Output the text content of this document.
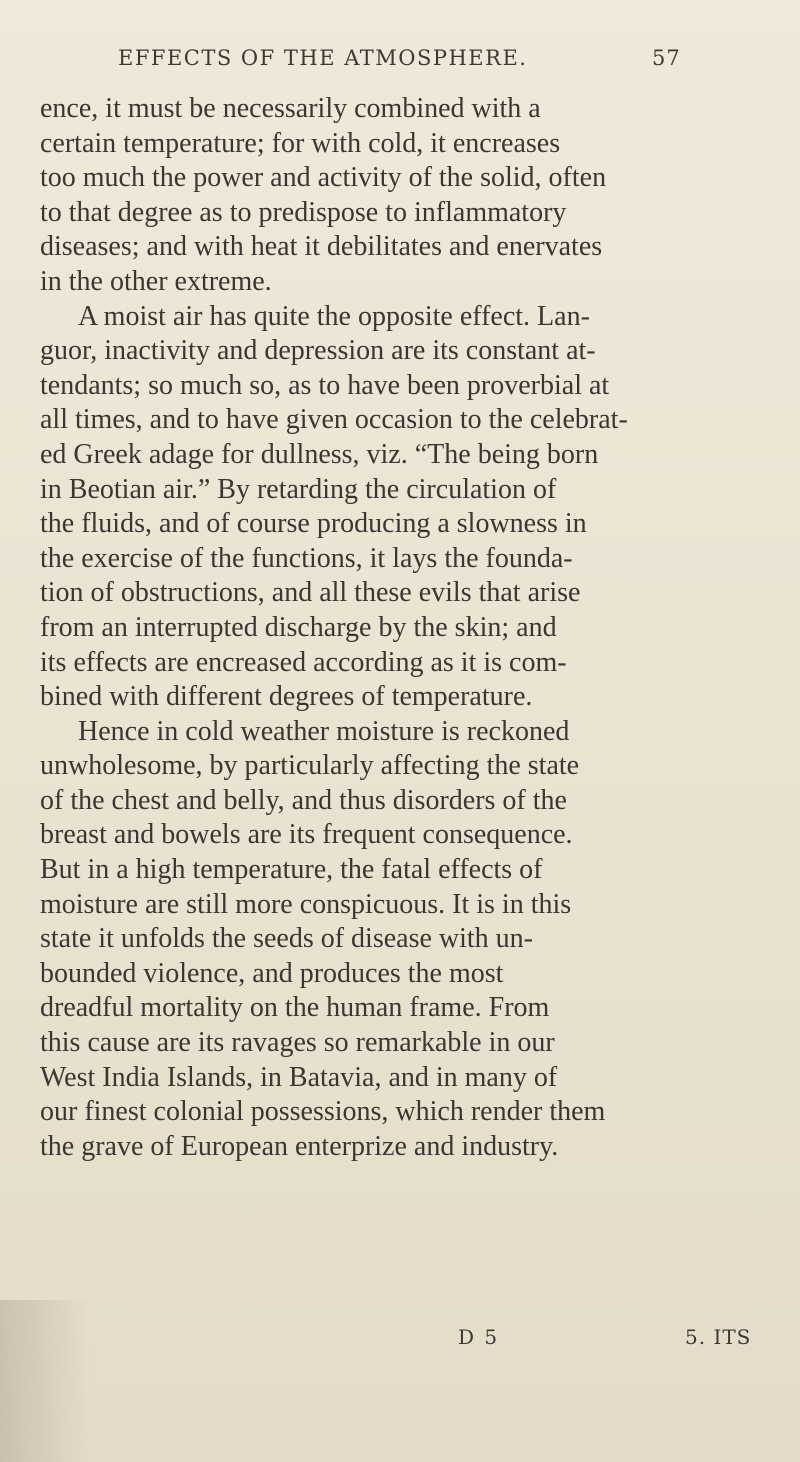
EFFECTS OF THE ATMOSPHERE.	57
ence, it must be necessarily combined with a
certain temperature; for with cold, it encreases
too much the power and activity of the solid, often
to that degree as to predispose to inflammatory
diseases; and with heat it debilitates and enervates
in the other extreme.
A moist air has quite the opposite effect. Lan-
guor, inactivity and depression are its constant at-
tendants; so much so, as to have been proverbial at
all times, and to have given occasion to the celebrat-
ed Greek adage for dullness, viz. “The being born
in Beotian air.” By retarding the circulation of
the fluids, and of course producing a slowness in
the exercise of the functions, it lays the founda-
tion of obstructions, and all these evils that arise
from an interrupted discharge by the skin; and
its effects are encreased according as it is com-
bined with different degrees of temperature.
Hence in cold weather moisture is reckoned
unwholesome, by particularly affecting the state
of the chest and belly, and thus disorders of the
breast and bowels are its frequent consequence.
But in a high temperature, the fatal effects of
moisture are still more conspicuous. It is in this
state it unfolds the seeds of disease with un-
bounded violence, and produces the most
dreadful mortality on the human frame. From
this cause are its ravages so remarkable in our
West India Islands, in Batavia, and in many of
our finest colonial possessions, which render them
the grave of European enterprize and industry.
D 5	5. ITS
